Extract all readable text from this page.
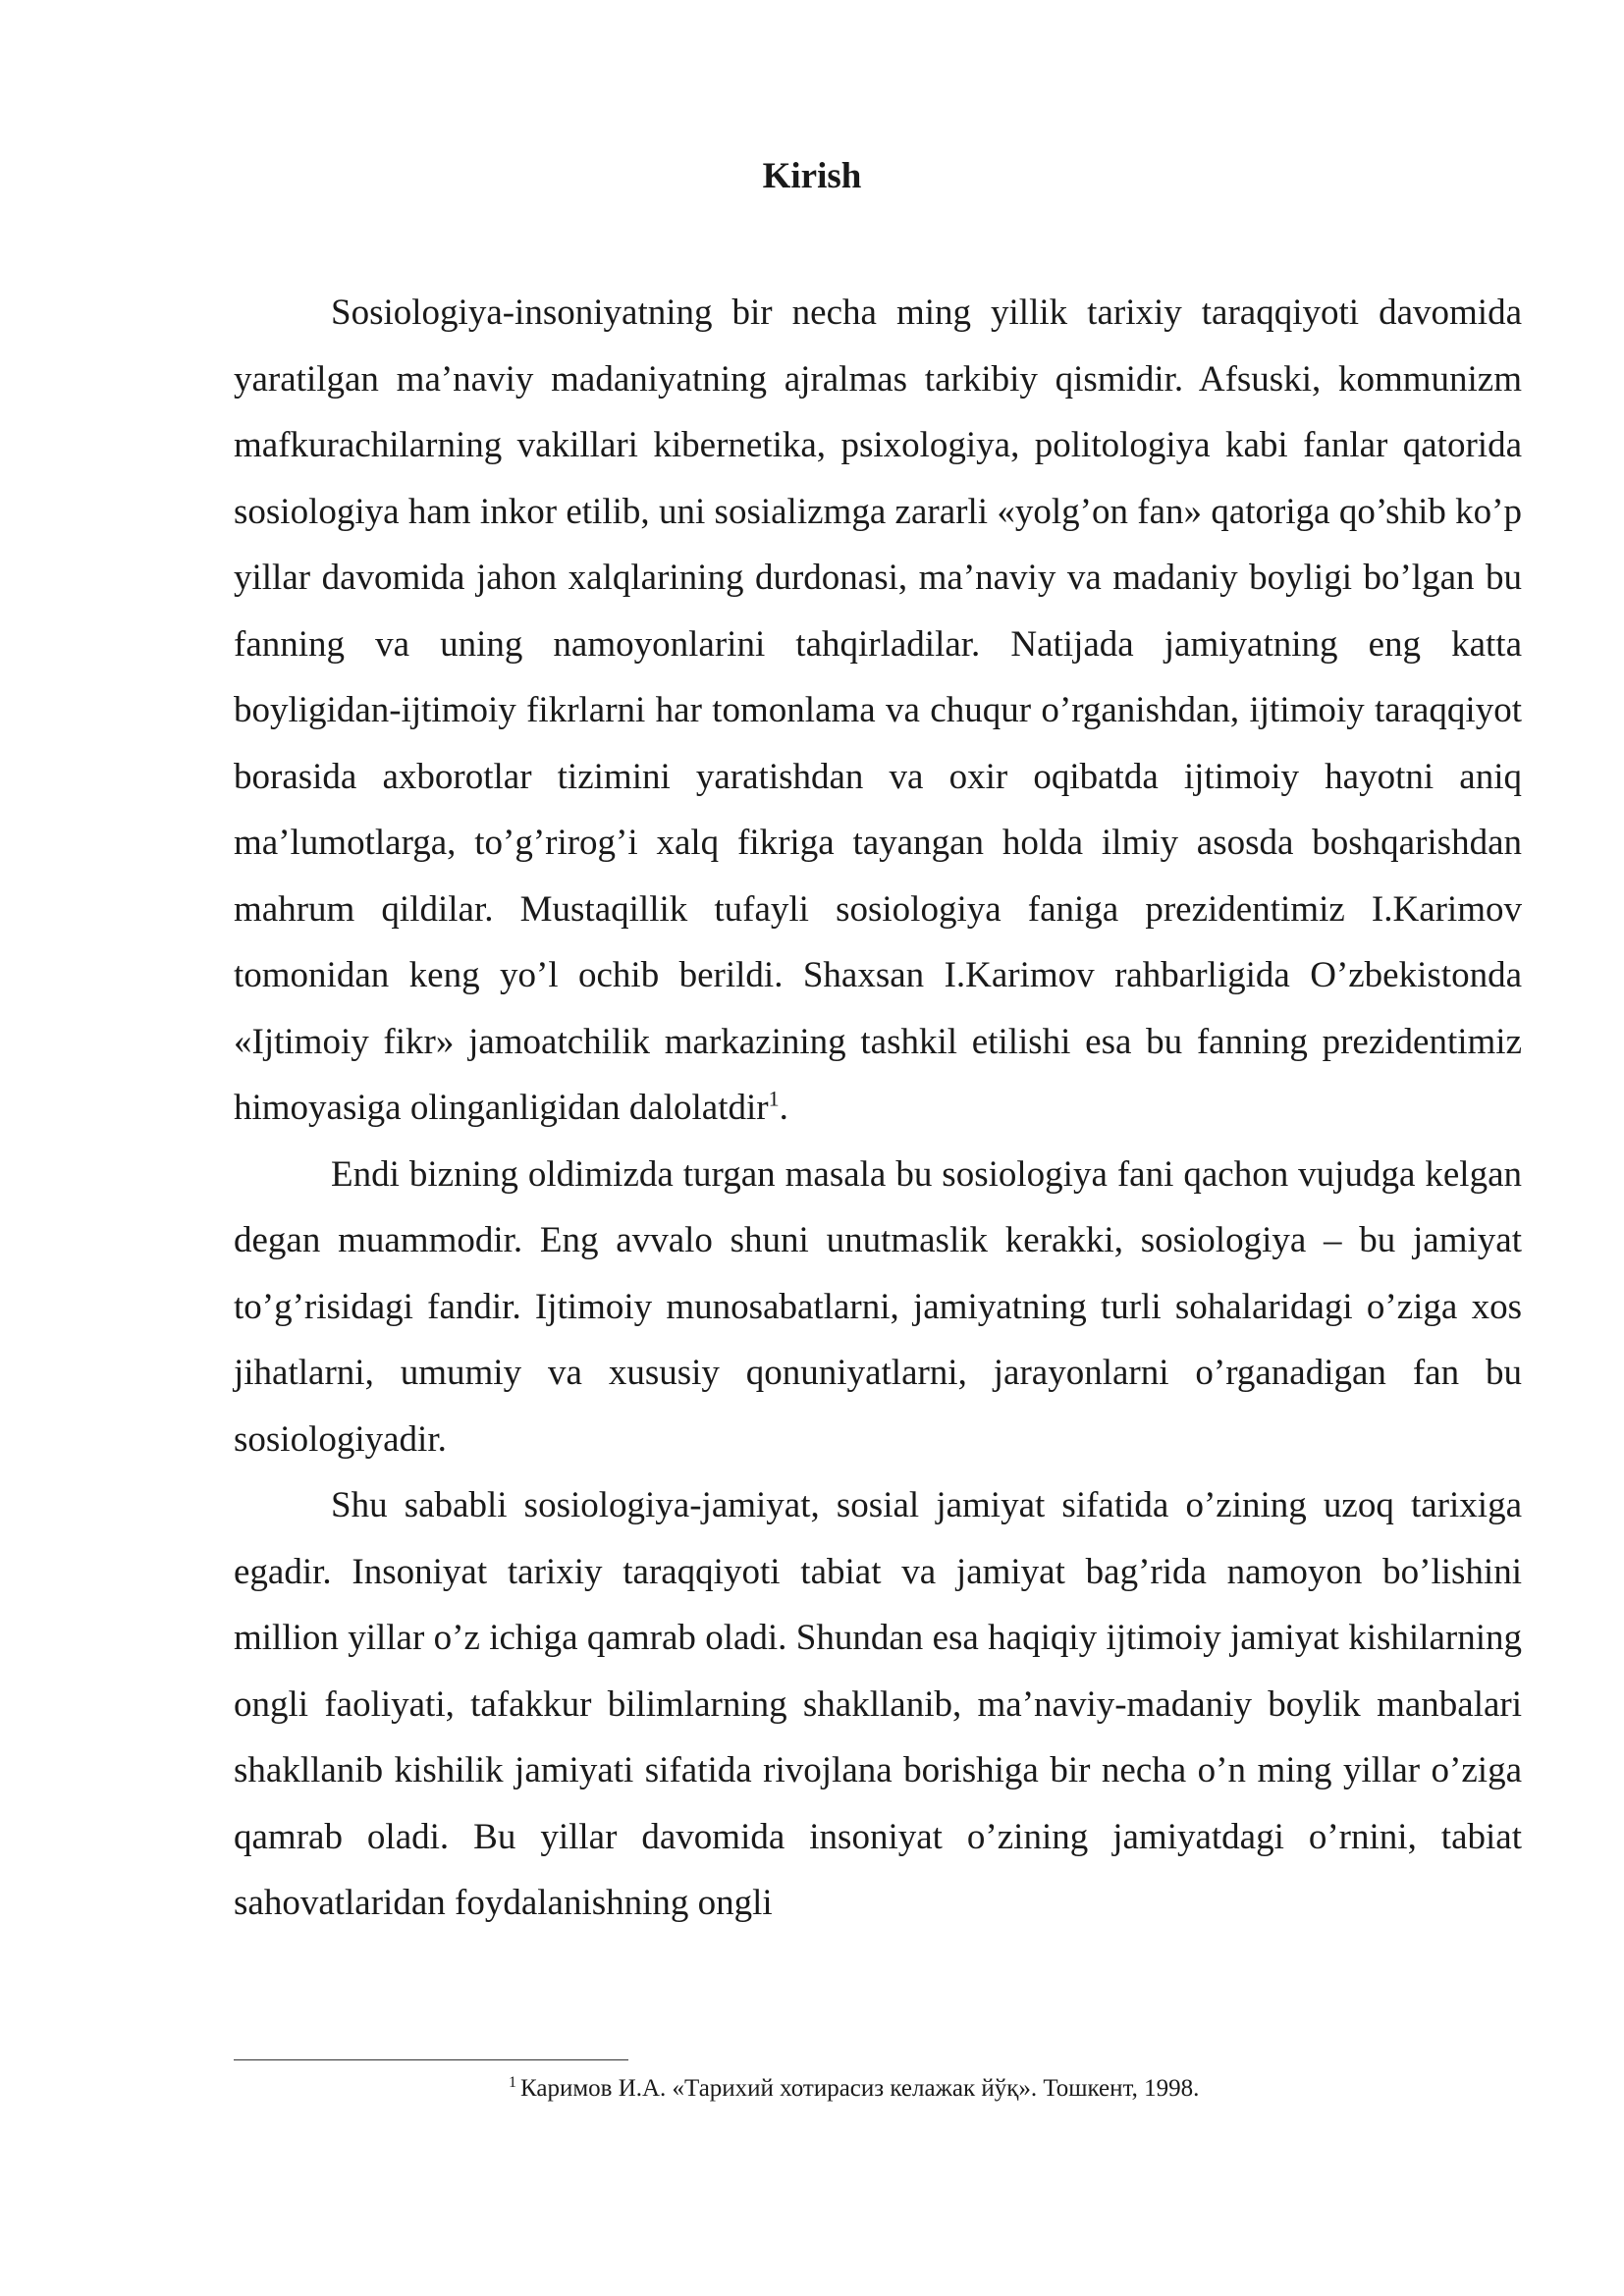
Kirish

Sosiologiya-insoniyatning bir necha ming yillik tarixiy taraqqiyoti davomida yaratilgan ma’naviy madaniyatning ajralmas tarkibiy qismidir. Afsuski, kommunizm mafkurachilarning vakillari kibernetika, psixologiya, politologiya kabi fanlar qatorida sosiologiya ham inkor etilib, uni sosializmga zararli «yolg’on fan» qatoriga qo’shib ko’p yillar davomida jahon xalqlarining durdonasi, ma’naviy va madaniy boyligi bo’lgan bu fanning va uning namoyonlarini tahqirladilar. Natijada jamiyatning eng katta boyligidan-ijtimoiy fikrlarni har tomonlama va chuqur o’rganishdan, ijtimoiy taraqqiyot borasida axborotlar tizimini yaratishdan va oxir oqibatda ijtimoiy hayotni aniq ma’lumotlarga, to’g’rirog’i xalq fikriga tayangan holda ilmiy asosda boshqarishdan mahrum qildilar. Mustaqillik tufayli sosiologiya faniga prezidentimiz I.Karimov tomonidan keng yo’l ochib berildi. Shaxsan I.Karimov rahbarligida O’zbekistonda «Ijtimoiy fikr» jamoatchilik markazining tashkil etilishi esa bu fanning prezidentimiz himoyasiga olinganligidan dalolatdir$^1$.

Endi bizning oldimizda turgan masala bu sosiologiya fani qachon vujudga kelgan degan muammodir. Eng avvalo shuni unutmaslik kerakki, sosiologiya – bu jamiyat to’g’risidagi fandir. Ijtimoiy munosabatlarni, jamiyatning turli sohalaridagi o’ziga xos jihatlarni, umumiy va xususiy qonuniyatlarni, jarayonlarni o’rganadigan fan bu sosiologiyadir.

Shu sababli sosiologiya-jamiyat, sosial jamiyat sifatida o’zining uzoq tarixiga egadir. Insoniyat tarixiy taraqqiyoti tabiat va jamiyat bag’rida namoyon bo’lishini million yillar o’z ichiga qamrab oladi. Shundan esa haqiqiy ijtimoiy jamiyat kishilarning ongli faoliyati, tafakkur bilimlarning shakllanib, ma’naviy-madaniy boylik manbalari shakllanib kishilik jamiyati sifatida rivojlana borishiga bir necha o’n ming yillar o’ziga qamrab oladi. Bu yillar davomida insoniyat o’zining jamiyatdagi o’rnini, tabiat sahovatlaridan foydalanishning ongli

$^1$ Каримов И.А. «Тарихий хотирасиз келажак йўқ». Тошкент, 1998.
